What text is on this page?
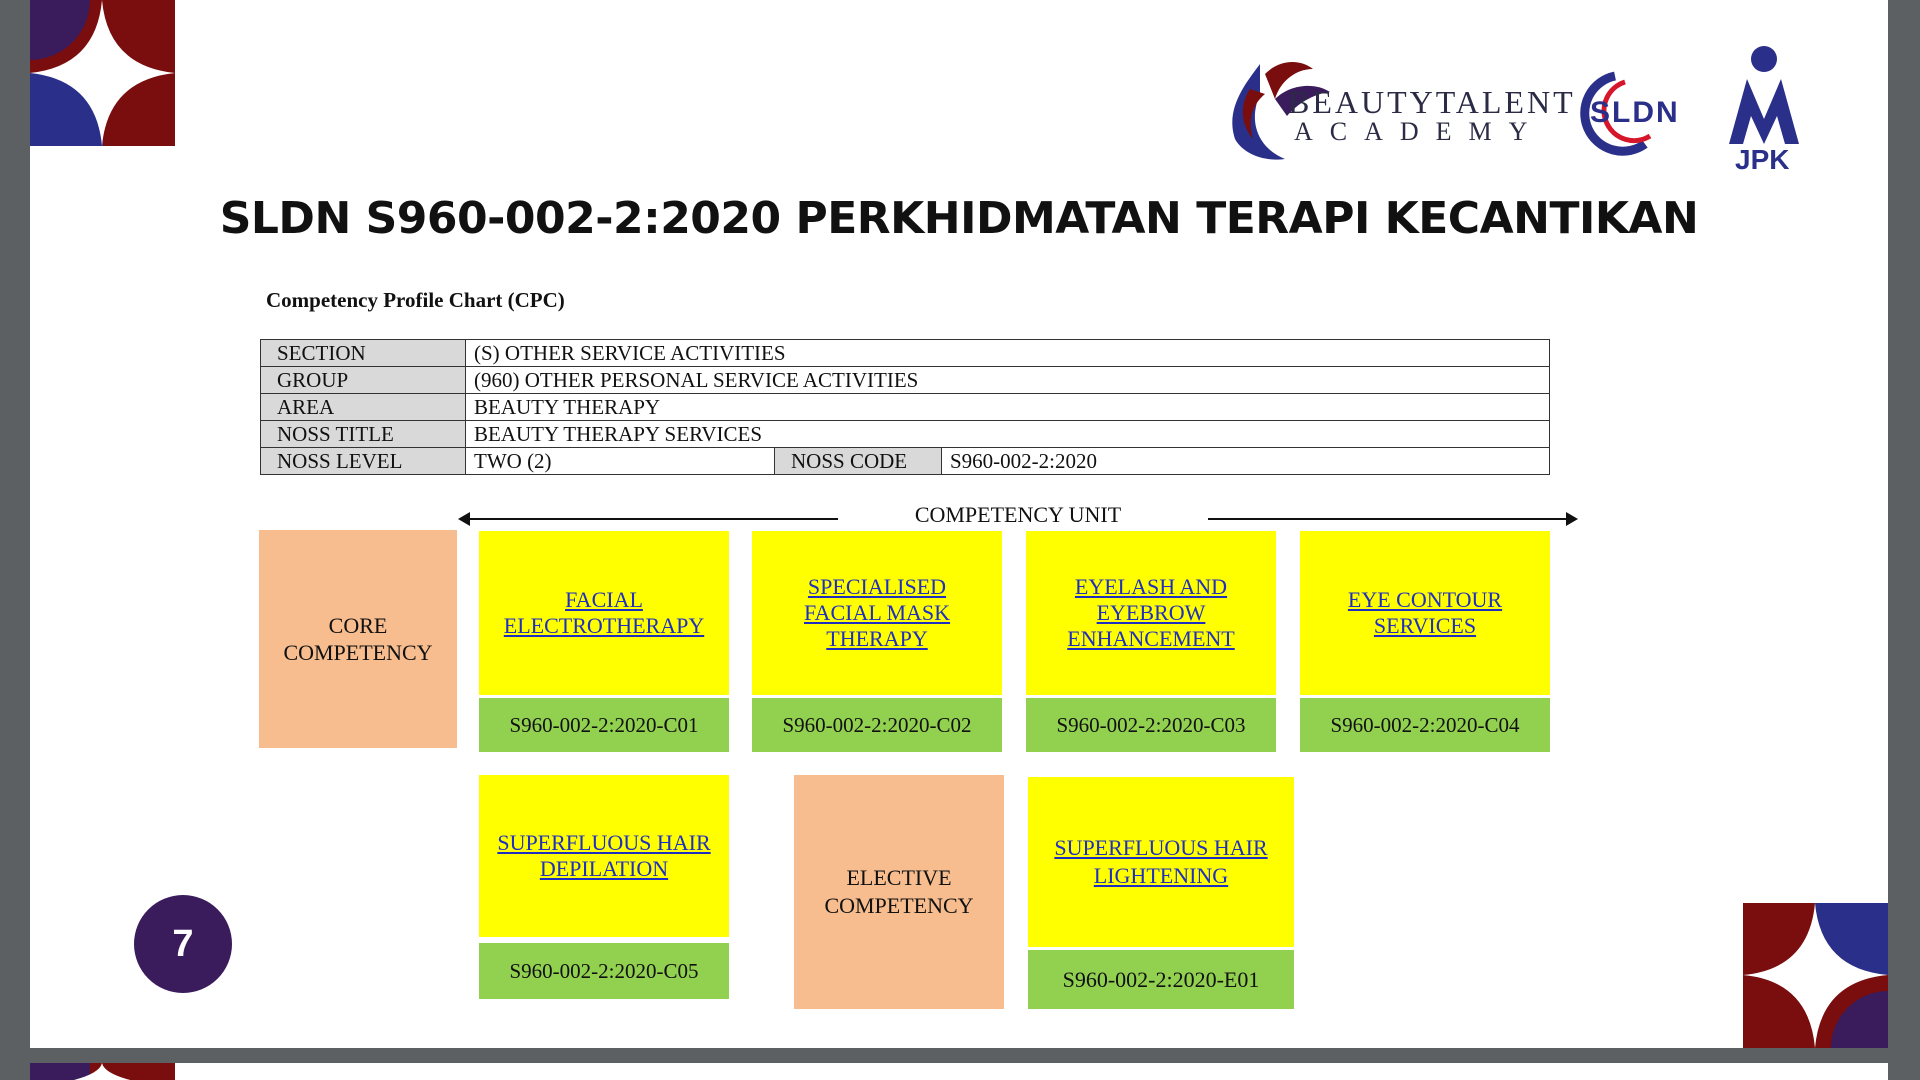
BEAUTYTALENT
ACADEMY
SLDN
JPK
SLDN S960-002-2:2020 PERKHIDMATAN TERAPI KECANTIKAN
Competency Profile Chart (CPC)
SECTION	(S) OTHER SERVICE ACTIVITIES		
GROUP	(960) OTHER PERSONAL SERVICE ACTIVITIES		
AREA	BEAUTY THERAPY		
NOSS TITLE	BEAUTY THERAPY SERVICES		
NOSS LEVEL	TWO (2)	NOSS CODE	S960-002-2:2020
COMPETENCY UNIT
CORE
COMPETENCY
FACIAL
ELECTROTHERAPY
S960-002-2:2020-C01
SPECIALISED
FACIAL MASK
THERAPY
S960-002-2:2020-C02
EYELASH AND
EYEBROW
ENHANCEMENT
S960-002-2:2020-C03
EYE CONTOUR
SERVICES
S960-002-2:2020-C04
SUPERFLUOUS HAIR
DEPILATION
S960-002-2:2020-C05
ELECTIVE
COMPETENCY
SUPERFLUOUS HAIR
LIGHTENING
S960-002-2:2020-E01
7
